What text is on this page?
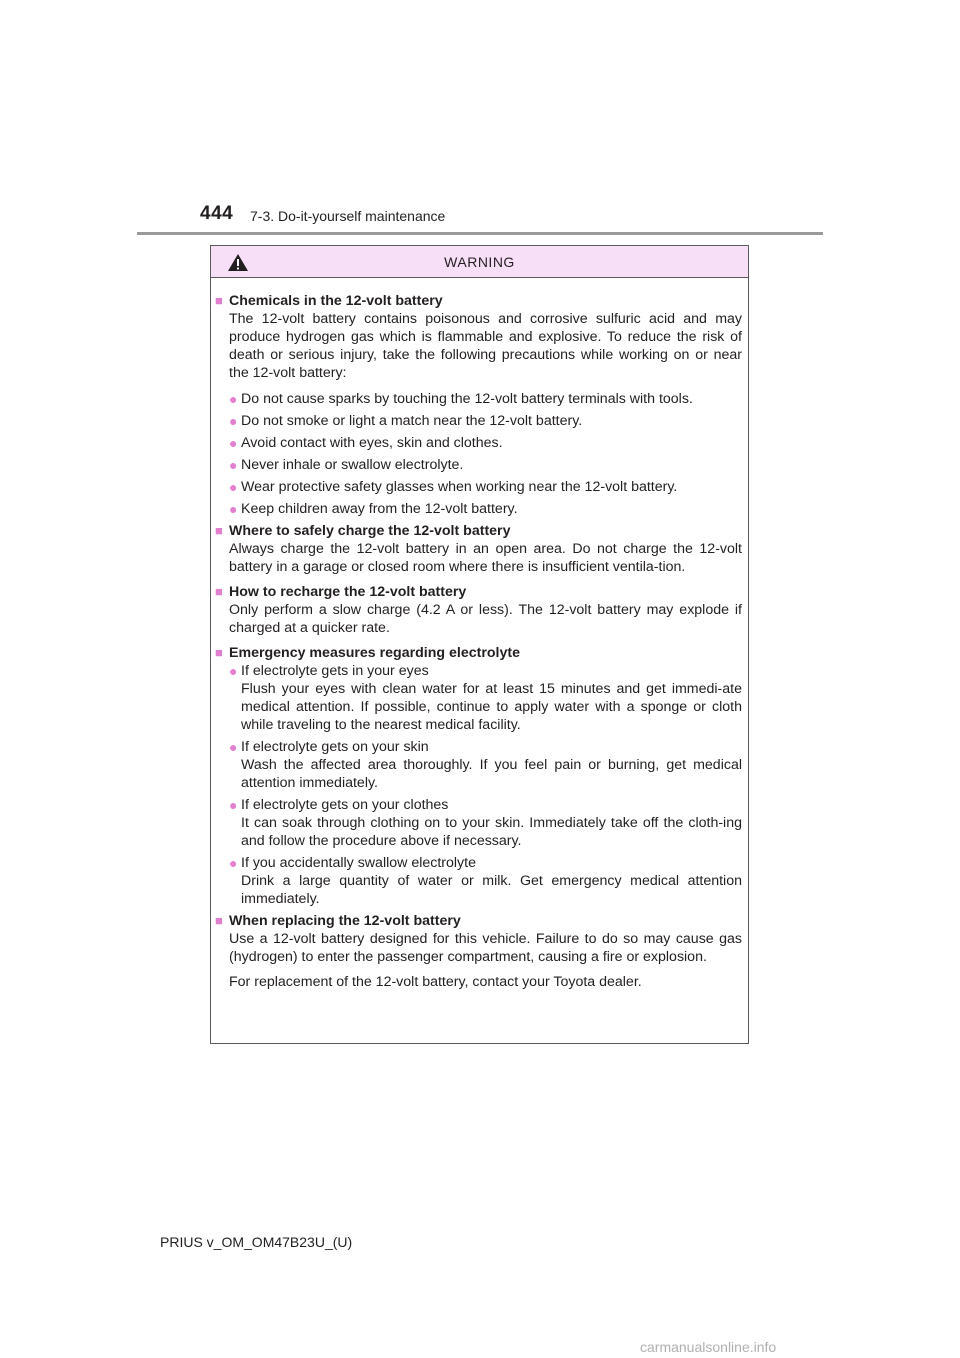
444 7-3. Do-it-yourself maintenance
WARNING
■ Chemicals in the 12-volt battery
The 12-volt battery contains poisonous and corrosive sulfuric acid and may produce hydrogen gas which is flammable and explosive. To reduce the risk of death or serious injury, take the following precautions while working on or near the 12-volt battery:
● Do not cause sparks by touching the 12-volt battery terminals with tools.
● Do not smoke or light a match near the 12-volt battery.
● Avoid contact with eyes, skin and clothes.
● Never inhale or swallow electrolyte.
● Wear protective safety glasses when working near the 12-volt battery.
● Keep children away from the 12-volt battery.
■ Where to safely charge the 12-volt battery
Always charge the 12-volt battery in an open area. Do not charge the 12-volt battery in a garage or closed room where there is insufficient ventila-tion.
■ How to recharge the 12-volt battery
Only perform a slow charge (4.2 A or less). The 12-volt battery may explode if charged at a quicker rate.
■ Emergency measures regarding electrolyte
● If electrolyte gets in your eyes
Flush your eyes with clean water for at least 15 minutes and get immedi-ate medical attention. If possible, continue to apply water with a sponge or cloth while traveling to the nearest medical facility.
● If electrolyte gets on your skin
Wash the affected area thoroughly. If you feel pain or burning, get medical attention immediately.
● If electrolyte gets on your clothes
It can soak through clothing on to your skin. Immediately take off the cloth-ing and follow the procedure above if necessary.
● If you accidentally swallow electrolyte
Drink a large quantity of water or milk. Get emergency medical attention immediately.
■ When replacing the 12-volt battery
Use a 12-volt battery designed for this vehicle. Failure to do so may cause gas (hydrogen) to enter the passenger compartment, causing a fire or explosion.
For replacement of the 12-volt battery, contact your Toyota dealer.
PRIUS v_OM_OM47B23U_(U)
carmanualsonline.info
